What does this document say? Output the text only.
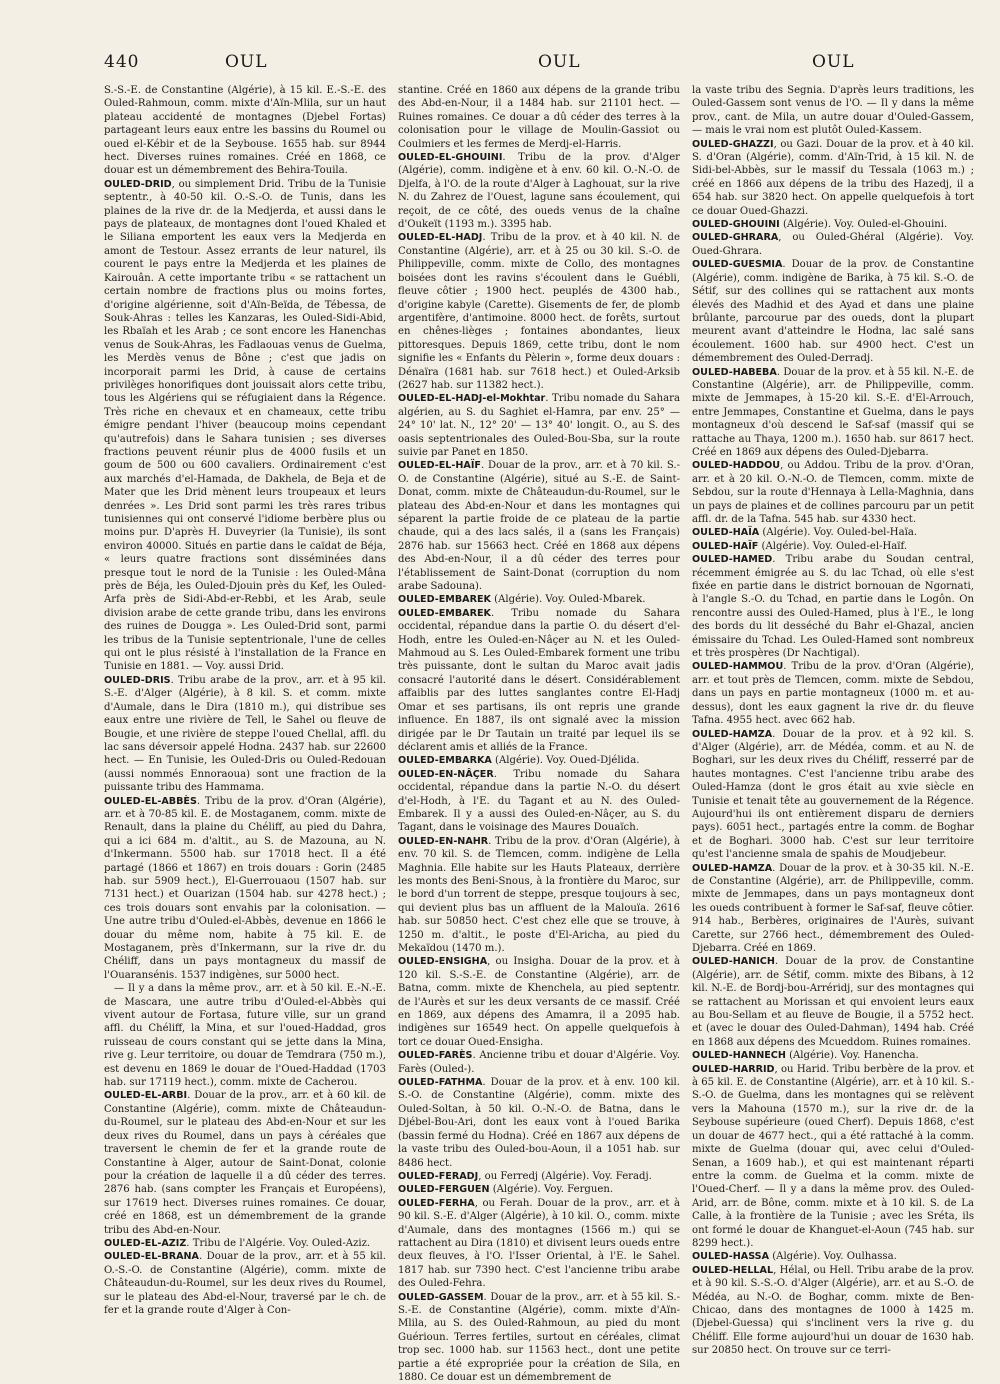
440	OUL	OUL	OUL

S.-S.-E. de Constantine (Algérie), à 15 kil. E.-S.-E. des Ouled-Rahmoun, comm. mixte d'Aïn-Mlila, sur un haut plateau accidenté de montagnes (Djebel Fortas) partageant leurs eaux entre les bassins du Roumel ou oued el-Kébir et de la Seybouse. 1655 hab. sur 8944 hect. Diverses ruines romaines. Créé en 1868, ce douar est un démembrement des Behira-Touila.

OULED-DRID, ou simplement Drid. Tribu de la Tunisie septentr., à 40-50 kil. O.-S.-O. de Tunis, dans les plaines de la rive dr. de la Medjerda, et aussi dans le pays de plateaux, de montagnes dont l'oued Khaled et le Siliana emportent les eaux vers la Medjerda en amont de Testour. Assez errants de leur naturel, ils courent le pays entre la Medjerda et les plaines de Kairouân. A cette importante tribu « se rattachent un certain nombre de fractions plus ou moins fortes, d'origine algérienne, soit d'Aïn-Beïda, de Tébessa, de Souk-Ahras : telles les Kanzaras, les Ouled-Sidi-Abid, les Rbaïah et les Arab ; ce sont encore les Hanenchas venus de Souk-Ahras, les Fadlaouas venus de Guelma, les Merdès venus de Bône ; c'est que jadis on incorporait parmi les Drid, à cause de certains privilèges honorifiques dont jouissait alors cette tribu, tous les Algériens qui se réfugiaient dans la Régence. Très riche en chevaux et en chameaux, cette tribu émigre pendant l'hiver (beaucoup moins cependant qu'autrefois) dans le Sahara tunisien ; ses diverses fractions peuvent réunir plus de 4000 fusils et un goum de 500 ou 600 cavaliers. Ordinairement c'est aux marchés d'el-Hamada, de Dakhela, de Beja et de Mater que les Drid mènent leurs troupeaux et leurs denrées ». Les Drid sont parmi les très rares tribus tunisiennes qui ont conservé l'idiome berbère plus ou moins pur. D'après H. Duveyrier (la Tunisie), ils sont environ 40000. Situés en partie dans le caïdat de Béja, « leurs quatre fractions sont disséminées dans presque tout le nord de la Tunisie : les Ouled-Mâna près de Béja, les Ouled-Djouin près du Kef, les Ouled-Arfa près de Sidi-Abd-er-Rebbi, et les Arab, seule division arabe de cette grande tribu, dans les environs des ruines de Dougga ». Les Ouled-Drid sont, parmi les tribus de la Tunisie septentrionale, l'une de celles qui ont le plus résisté à l'installation de la France en Tunisie en 1881. — Voy. aussi Drid.

OULED-DRIS. Tribu arabe de la prov., arr. et à 95 kil. S.-E. d'Alger (Algérie), à 8 kil. S. et comm. mixte d'Aumale, dans le Dira (1810 m.), qui distribue ses eaux entre une rivière de Tell, le Sahel ou fleuve de Bougie, et une rivière de steppe l'oued Chellal, affl. du lac sans déversoir appelé Hodna. 2437 hab. sur 22600 hect. — En Tunisie, les Ouled-Dris ou Ouled-Redouan (aussi nommés Ennoraoua) sont une fraction de la puissante tribu des Hammama.

OULED-EL-ABBÈS. Tribu de la prov. d'Oran (Algérie), arr. et à 70-85 kil. E. de Mostaganem, comm. mixte de Renault, dans la plaine du Chéliff, au pied du Dahra, qui a ici 684 m. d'altit., au S. de Mazouna, au N. d'Inkermann. 5500 hab. sur 17018 hect. Il a été partagé (1866 et 1867) en trois douars : Gorin (2485 hab. sur 5909 hect.), El-Guerrouaou (1507 hab. sur 7131 hect.) et Ouarizan (1504 hab. sur 4278 hect.) ; ces trois douars sont envahis par la colonisation. — Une autre tribu d'Ouled-el-Abbès, devenue en 1866 le douar du même nom, habite à 75 kil. E. de Mostaganem, près d'Inkermann, sur la rive dr. du Chéliff, dans un pays montagneux du massif de l'Ouaransénis. 1537 indigènes, sur 5000 hect.

— Il y a dans la même prov., arr. et à 50 kil. E.-N.-E. de Mascara, une autre tribu d'Ouled-el-Abbès qui vivent autour de Fortasa, future ville, sur un grand affl. du Chéliff, la Mina, et sur l'oued-Haddad, gros ruisseau de cours constant qui se jette dans la Mina, rive g. Leur territoire, ou douar de Temdrara (750 m.), est devenu en 1869 le douar de l'Oued-Haddad (1703 hab. sur 17119 hect.), comm. mixte de Cacherou.

OULED-EL-ARBI. Douar de la prov., arr. et à 60 kil. de Constantine (Algérie), comm. mixte de Châteaudun-du-Roumel, sur le plateau des Abd-en-Nour et sur les deux rives du Roumel, dans un pays à céréales que traversent le chemin de fer et la grande route de Constantine à Alger, autour de Saint-Donat, colonie pour la création de laquelle il a dû céder des terres. 2876 hab. (sans compter les Français et Européens), sur 17619 hect. Diverses ruines romaines. Ce douar, créé en 1868, est un démembrement de la grande tribu des Abd-en-Nour.

OULED-EL-AZIZ. Tribu de l'Algérie. Voy. Ouled-Aziz.

OULED-EL-BRANA. Douar de la prov., arr. et à 55 kil. O.-S.-O. de Constantine (Algérie), comm. mixte de Châteaudun-du-Roumel, sur les deux rives du Roumel, sur le plateau des Abd-el-Nour, traversé par le ch. de fer et la grande route d'Alger à Con-

stantine. Créé en 1860 aux dépens de la grande tribu des Abd-en-Nour, il a 1484 hab. sur 21101 hect. — Ruines romaines. Ce douar a dû céder des terres à la colonisation pour le village de Moulin-Gassiot ou Coulmiers et les fermes de Merdj-el-Harris.

OULED-EL-GHOUINI. Tribu de la prov. d'Alger (Algérie), comm. indigène et à env. 60 kil. O.-N.-O. de Djelfa, à l'O. de la route d'Alger à Laghouat, sur la rive N. du Zahrez de l'Ouest, lagune sans écoulement, qui reçoit, de ce côté, des oueds venus de la chaîne d'Oukeït (1193 m.). 3395 hab.

OULED-EL-HADJ. Tribu de la prov. et à 40 kil. N. de Constantine (Algérie), arr. et à 25 ou 30 kil. S.-O. de Philippeville, comm. mixte de Collo, des montagnes boisées dont les ravins s'écoulent dans le Guébli, fleuve côtier ; 1900 hect. peuplés de 4300 hab., d'origine kabyle (Carette). Gisements de fer, de plomb argentifère, d'antimoine. 8000 hect. de forêts, surtout en chênes-lièges ; fontaines abondantes, lieux pittoresques. Depuis 1869, cette tribu, dont le nom signifie les « Enfants du Pèlerin », forme deux douars : Dénaïra (1681 hab. sur 7618 hect.) et Ouled-Arksib (2627 hab. sur 11382 hect.).

OULED-EL-HADJ-el-Mokhtar. Tribu nomade du Sahara algérien, au S. du Saghiet el-Hamra, par env. 25° — 24° 10' lat. N., 12° 20' — 13° 40' longit. O., au S. des oasis septentrionales des Ouled-Bou-Sba, sur la route suivie par Panet en 1850.

OULED-EL-HAÏF. Douar de la prov., arr. et à 70 kil. S.-O. de Constantine (Algérie), situé au S.-E. de Saint-Donat, comm. mixte de Châteaudun-du-Roumel, sur le plateau des Abd-en-Nour et dans les montagnes qui séparent la partie froide de ce plateau de la partie chaude, qui a des lacs salés, il a (sans les Français) 2876 hab. sur 15663 hect. Créé en 1868 aux dépens des Abd-en-Nour, il a dû céder des terres pour l'établissement de Saint-Donat (corruption du nom arabe Sadouna).

OULED-EMBAREK (Algérie). Voy. Ouled-Mbarek.

OULED-EMBAREK. Tribu nomade du Sahara occidental, répandue dans la partie O. du désert d'el-Hodh, entre les Ouled-en-Nâçer au N. et les Ouled-Mahmoud au S. Les Ouled-Embarek forment une tribu très puissante, dont le sultan du Maroc avait jadis consacré l'autorité dans le désert. Considérablement affaiblis par des luttes sanglantes contre El-Hadj Omar et ses partisans, ils ont repris une grande influence. En 1887, ils ont signalé avec la mission dirigée par le Dr Tautain un traité par lequel ils se déclarent amis et alliés de la France.

OULED-EMBARKA (Algérie). Voy. Oued-Djélida.

OULED-EN-NÂÇER. Tribu nomade du Sahara occidental, répandue dans la partie N.-O. du désert d'el-Hodh, à l'E. du Tagant et au N. des Ouled-Embarek. Il y a aussi des Ouled-en-Nâçer, au S. du Tagant, dans le voisinage des Maures Douaïch.

OULED-EN-NAHR. Tribu de la prov. d'Oran (Algérie), à env. 70 kil. S. de Tlemcen, comm. indigène de Lella Maghnia. Elle habite sur les Hauts Plateaux, derrière les monts des Beni-Snous, à la frontière du Maroc, sur le bord d'un torrent de steppe, presque toujours à sec, qui devient plus bas un affluent de la Malouïa. 2616 hab. sur 50850 hect. C'est chez elle que se trouve, à 1250 m. d'altit., le poste d'El-Aricha, au pied du Mekaïdou (1470 m.).

OULED-ENSIGHA, ou Insigha. Douar de la prov. et à 120 kil. S.-S.-E. de Constantine (Algérie), arr. de Batna, comm. mixte de Khenchela, au pied septentr. de l'Aurès et sur les deux versants de ce massif. Créé en 1869, aux dépens des Amamra, il a 2095 hab. indigènes sur 16549 hect. On appelle quelquefois à tort ce douar Oued-Ensigha.

OULED-FARÈS. Ancienne tribu et douar d'Algérie. Voy. Farès (Ouled-).

OULED-FATHMA. Douar de la prov. et à env. 100 kil. S.-O. de Constantine (Algérie), comm. mixte des Ouled-Soltan, à 50 kil. O.-N.-O. de Batna, dans le Djébel-Bou-Ari, dont les eaux vont à l'oued Barika (bassin fermé du Hodna). Créé en 1867 aux dépens de la vaste tribu des Ouled-bou-Aoun, il a 1051 hab. sur 8486 hect.

OULED-FERADJ, ou Ferredj (Algérie). Voy. Feradj.

OULED-FERGUEN (Algérie). Voy. Ferguen.

OULED-FERHA, ou Ferah. Douar de la prov., arr. et à 90 kil. S.-E. d'Alger (Algérie), à 10 kil. O., comm. mixte d'Aumale, dans des montagnes (1566 m.) qui se rattachent au Dira (1810) et divisent leurs oueds entre deux fleuves, à l'O. l'Isser Oriental, à l'E. le Sahel. 1817 hab. sur 7390 hect. C'est l'ancienne tribu arabe des Ouled-Fehra.

OULED-GASSEM. Douar de la prov., arr. et à 55 kil. S.-S.-E. de Constantine (Algérie), comm. mixte d'Aïn-Mlila, au S. des Ouled-Rahmoun, au pied du mont Guérioun. Terres fertiles, surtout en céréales, climat trop sec. 1000 hab. sur 11563 hect., dont une petite partie a été expropriée pour la création de Sila, en 1880. Ce douar est un démembrement de

la vaste tribu des Segnia. D'après leurs traditions, les Ouled-Gassem sont venus de l'O. — Il y dans la même prov., cant. de Mila, un autre douar d'Ouled-Gassem, — mais le vrai nom est plutôt Ouled-Kassem.

OULED-GHAZZI, ou Gazi. Douar de la prov. et à 40 kil. S. d'Oran (Algérie), comm. d'Aïn-Trid, à 15 kil. N. de Sidi-bel-Abbès, sur le massif du Tessala (1063 m.) ; créé en 1866 aux dépens de la tribu des Hazedj, il a 654 hab. sur 3820 hect. On appelle quelquefois à tort ce douar Oued-Ghazzi.

OULED-GHOUINI (Algérie). Voy. Ouled-el-Ghouini.

OULED-GHRARA, ou Ouled-Ghéral (Algérie). Voy. Oued-Ghrara.

OULED-GUESMIA. Douar de la prov. de Constantine (Algérie), comm. indigène de Barika, à 75 kil. S.-O. de Sétif, sur des collines qui se rattachent aux monts élevés des Madhid et des Ayad et dans une plaine brûlante, parcourue par des oueds, dont la plupart meurent avant d'atteindre le Hodna, lac salé sans écoulement. 1600 hab. sur 4900 hect. C'est un démembrement des Ouled-Derradj.

OULED-HABEBA. Douar de la prov. et à 55 kil. N.-E. de Constantine (Algérie), arr. de Philippeville, comm. mixte de Jemmapes, à 15-20 kil. S.-E. d'El-Arrouch, entre Jemmapes, Constantine et Guelma, dans le pays montagneux d'où descend le Saf-saf (massif qui se rattache au Thaya, 1200 m.). 1650 hab. sur 8617 hect. Créé en 1869 aux dépens des Ouled-Djebarra.

OULED-HADDOU, ou Addou. Tribu de la prov. d'Oran, arr. et à 20 kil. O.-N.-O. de Tlemcen, comm. mixte de Sebdou, sur la route d'Hennaya à Lella-Maghnia, dans un pays de plaines et de collines parcouru par un petit affl. dr. de la Tafna. 545 hab. sur 4330 hect.

OULED-HAÏA (Algérie). Voy. Ouled-bel-Haïa.

OULED-HAÏF (Algérie). Voy. Ouled-el-Haïf.

OULED-HAMED. Tribu arabe du Soudan central, récemment émigrée au S. du lac Tchad, où elle s'est fixée en partie dans le district bornouan de Ngornati, à l'angle S.-O. du Tchad, en partie dans le Logôn. On rencontre aussi des Ouled-Hamed, plus à l'E., le long des bords du lit desséché du Bahr el-Ghazal, ancien émissaire du Tchad. Les Ouled-Hamed sont nombreux et très prospères (Dr Nachtigal).

OULED-HAMMOU. Tribu de la prov. d'Oran (Algérie), arr. et tout près de Tlemcen, comm. mixte de Sebdou, dans un pays en partie montagneux (1000 m. et au-dessus), dont les eaux gagnent la rive dr. du fleuve Tafna. 4955 hect. avec 662 hab.

OULED-HAMZA. Douar de la prov. et à 92 kil. S. d'Alger (Algérie), arr. de Médéa, comm. et au N. de Boghari, sur les deux rives du Chéliff, resserré par de hautes montagnes. C'est l'ancienne tribu arabe des Ouled-Hamza (dont le gros était au xvie siècle en Tunisie et tenait tête au gouvernement de la Régence. Aujourd'hui ils ont entièrement disparu de derniers pays). 6051 hect., partagés entre la comm. de Boghar et de Boghari. 3000 hab. C'est sur leur territoire qu'est l'ancienne smala de spahis de Moudjebeur.

OULED-HAMZA. Douar de la prov. et à 30-35 kil. N.-E. de Constantine (Algérie), arr. de Philippeville, comm. mixte de Jemmapes, dans un pays montagneux dont les oueds contribuent à former le Saf-saf, fleuve côtier. 914 hab., Berbères, originaires de l'Aurès, suivant Carette, sur 2766 hect., démembrement des Ouled-Djebarra. Créé en 1869.

OULED-HANICH. Douar de la prov. de Constantine (Algérie), arr. de Sétif, comm. mixte des Bibans, à 12 kil. N.-E. de Bordj-bou-Arréridj, sur des montagnes qui se rattachent au Morissan et qui envoient leurs eaux au Bou-Sellam et au fleuve de Bougie, il a 5752 hect. et (avec le douar des Ouled-Dahman), 1494 hab. Créé en 1868 aux dépens des Mcueddom. Ruines romaines.

OULED-HANNECH (Algérie). Voy. Hanencha.

OULED-HARRID, ou Harid. Tribu berbère de la prov. et à 65 kil. E. de Constantine (Algérie), arr. et à 10 kil. S.-S.-O. de Guelma, dans les montagnes qui se relèvent vers la Mahouna (1570 m.), sur la rive dr. de la Seybouse supérieure (oued Cherf). Depuis 1868, c'est un douar de 4677 hect., qui a été rattaché à la comm. mixte de Guelma (douar qui, avec celui d'Ouled-Senan, a 1609 hab.), et qui est maintenant réparti entre la comm. de Guelma et la comm. mixte de l'Oued-Cherf. — Il y a dans la même prov. des Ouled-Arid, arr. de Bône, comm. mixte et à 10 kil. S. de La Calle, à la frontière de la Tunisie ; avec les Sréta, ils ont formé le douar de Khanguet-el-Aoun (745 hab. sur 8299 hect.).

OULED-HASSA (Algérie). Voy. Oulhassa.

OULED-HELLAL, Hélal, ou Hell. Tribu arabe de la prov. et à 90 kil. S.-S.-O. d'Alger (Algérie), arr. et au S.-O. de Médéa, au N.-O. de Boghar, comm. mixte de Ben-Chicao, dans des montagnes de 1000 à 1425 m. (Djebel-Guessa) qui s'inclinent vers la rive g. du Chéliff. Elle forme aujourd'hui un douar de 1630 hab. sur 20850 hect. On trouve sur ce terri-
